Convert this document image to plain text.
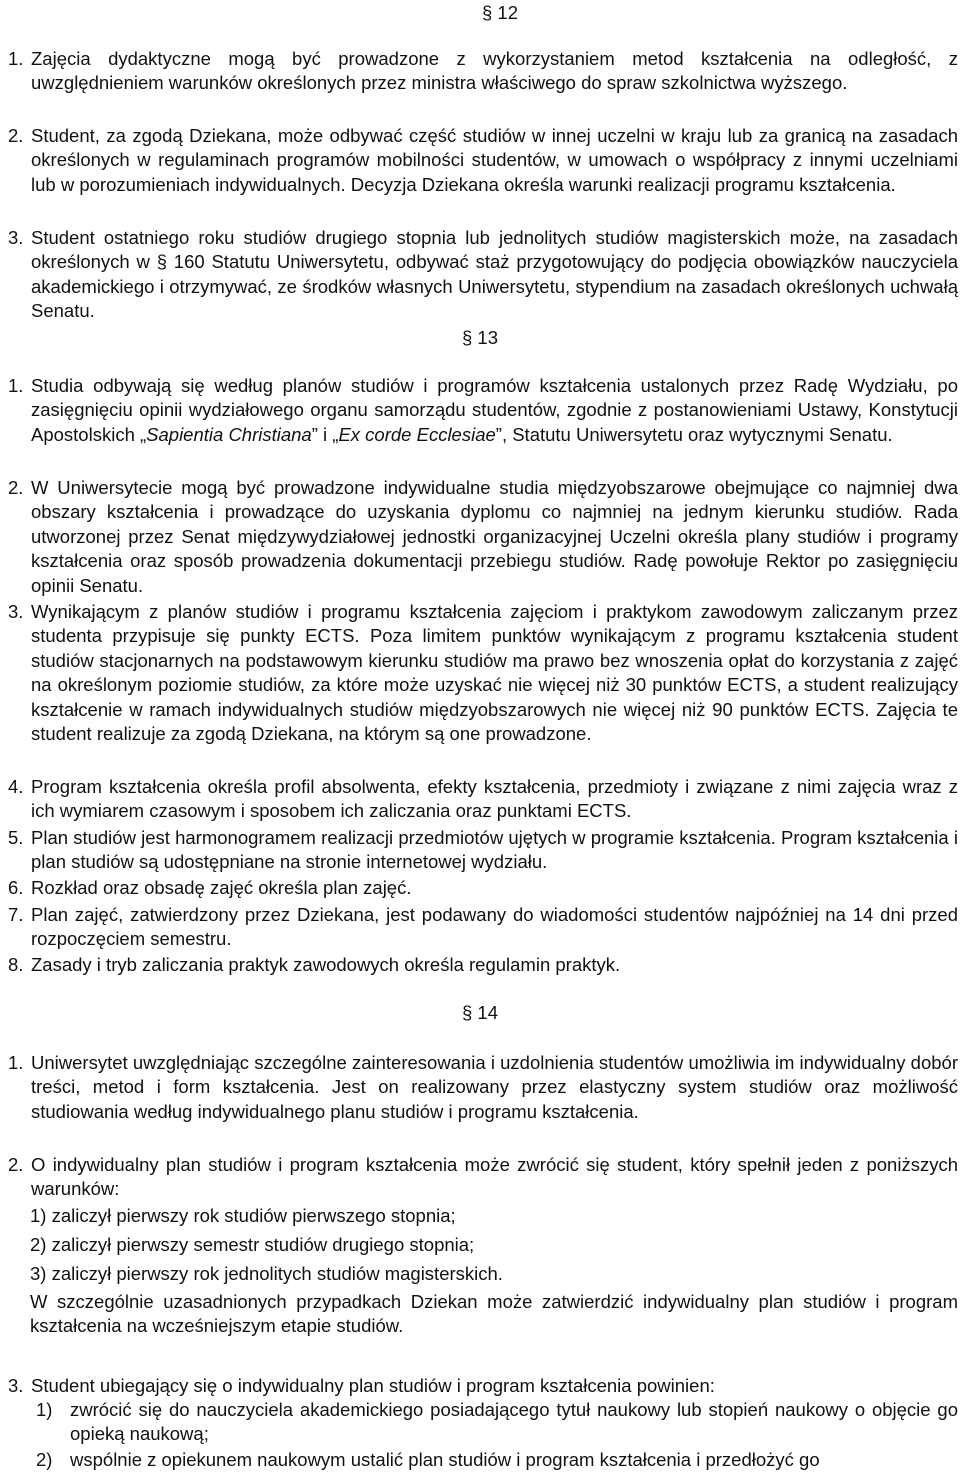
§ 12
1. Zajęcia dydaktyczne mogą być prowadzone z wykorzystaniem metod kształcenia na odległość, z uwzględnieniem warunków określonych przez ministra właściwego do spraw szkolnictwa wyższego.
2. Student, za zgodą Dziekana, może odbywać część studiów w innej uczelni w kraju lub za granicą na zasadach określonych w regulaminach programów mobilności studentów, w umowach o współpracy z innymi uczelniami lub w porozumieniach indywidualnych. Decyzja Dziekana określa warunki realizacji programu kształcenia.
3. Student ostatniego roku studiów drugiego stopnia lub jednolitych studiów magisterskich może, na zasadach określonych w § 160 Statutu Uniwersytetu, odbywać staż przygotowujący do podjęcia obowiązków nauczyciela akademickiego i otrzymywać, ze środków własnych Uniwersytetu, stypendium na zasadach określonych uchwałą Senatu.
§ 13
1. Studia odbywają się według planów studiów i programów kształcenia ustalonych przez Radę Wydziału, po zasięgnięciu opinii wydziałowego organu samorządu studentów, zgodnie z postanowieniami Ustawy, Konstytucji Apostolskich „Sapientia Christiana” i „Ex corde Ecclesiae”, Statutu Uniwersytetu oraz wytycznymi Senatu.
2. W Uniwersytecie mogą być prowadzone indywidualne studia międzyobszarowe obejmujące co najmniej dwa obszary kształcenia i prowadzące do uzyskania dyplomu co najmniej na jednym kierunku studiów. Rada utworzonej przez Senat międzywydziałowej jednostki organizacyjnej Uczelni określa plany studiów i programy kształcenia oraz sposób prowadzenia dokumentacji przebiegu studiów. Radę powołuje Rektor po zasięgnięciu opinii Senatu.
3. Wynikającym z planów studiów i programu kształcenia zajęciom i praktykom zawodowym zaliczanym przez studenta przypisuje się punkty ECTS. Poza limitem punktów wynikającym z programu kształcenia student studiów stacjonarnych na podstawowym kierunku studiów ma prawo bez wnoszenia opłat do korzystania z zajęć na określonym poziomie studiów, za które może uzyskać nie więcej niż 30 punktów ECTS, a student realizujący kształcenie w ramach indywidualnych studiów międzyobszarowych nie więcej niż 90 punktów ECTS. Zajęcia te student realizuje za zgodą Dziekana, na którym są one prowadzone.
4. Program kształcenia określa profil absolwenta, efekty kształcenia, przedmioty i związane z nimi zajęcia wraz z ich wymiarem czasowym i sposobem ich zaliczania oraz punktami ECTS.
5. Plan studiów jest harmonogramem realizacji przedmiotów ujętych w programie kształcenia. Program kształcenia i plan studiów są udostępniane na stronie internetowej wydziału.
6. Rozkład oraz obsadę zajęć określa plan zajęć.
7. Plan zajęć, zatwierdzony przez Dziekana, jest podawany do wiadomości studentów najpóźniej na 14 dni przed rozpoczęciem semestru.
8. Zasady i tryb zaliczania praktyk zawodowych określa regulamin praktyk.
§ 14
1. Uniwersytet uwzględniając szczególne zainteresowania i uzdolnienia studentów umożliwia im indywidualny dobór treści, metod i form kształcenia. Jest on realizowany przez elastyczny system studiów oraz możliwość studiowania według indywidualnego planu studiów i programu kształcenia.
2. O indywidualny plan studiów i program kształcenia może zwrócić się student, który spełnił jeden z poniższych warunków:
1) zaliczył pierwszy rok studiów pierwszego stopnia;
2) zaliczył pierwszy semestr studiów drugiego stopnia;
3) zaliczył pierwszy rok jednolitych studiów magisterskich.
W szczególnie uzasadnionych przypadkach Dziekan może zatwierdzić indywidualny plan studiów i program kształcenia na wcześniejszym etapie studiów.
3. Student ubiegający się o indywidualny plan studiów i program kształcenia powinien:
1) zwrócić się do nauczyciela akademickiego posiadającego tytuł naukowy lub stopień naukowy o objęcie go opieką naukową;
2) wspólnie z opiekunem naukowym ustalić plan studiów i program kształcenia i przedłożyć go
